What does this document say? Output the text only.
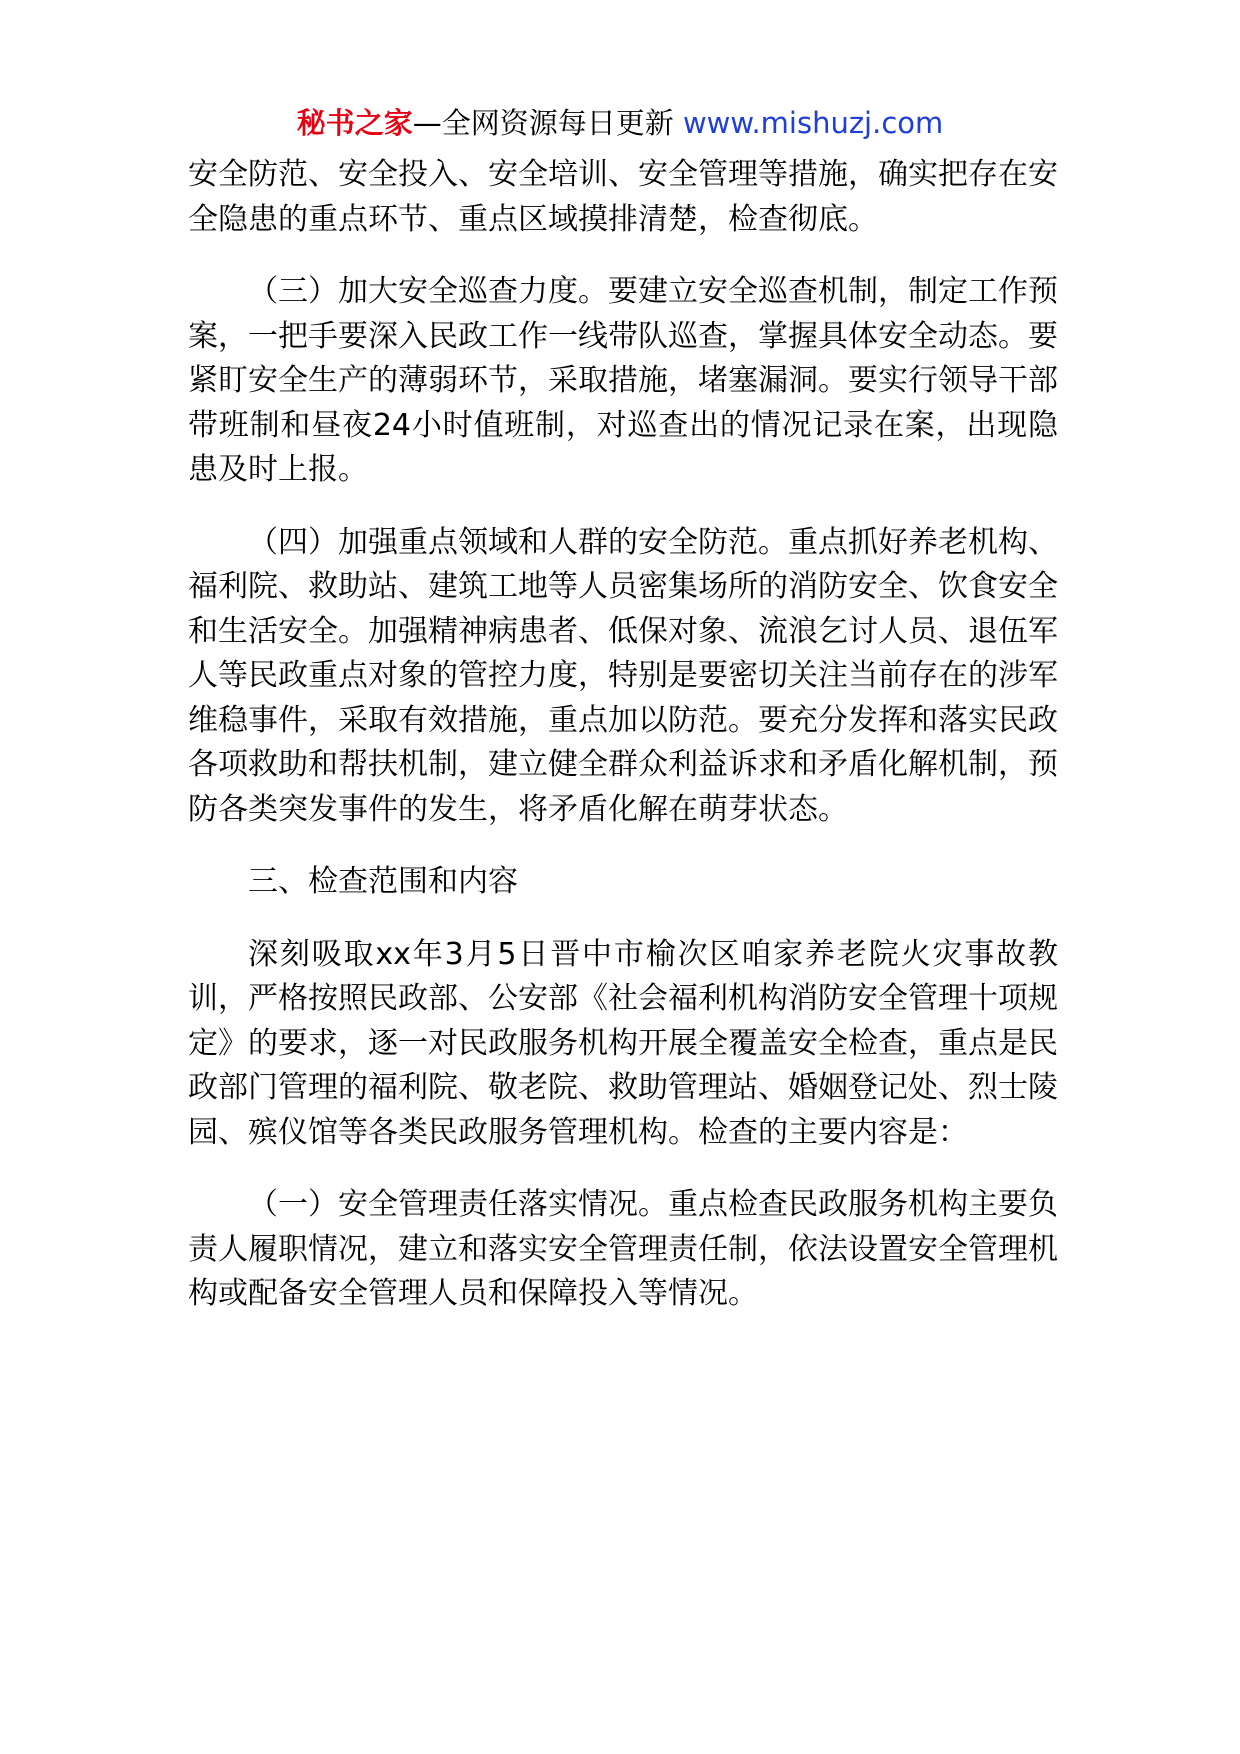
秘书之家—全网资源每日更新 www.mishuzj.com

安全防范、安全投入、安全培训、安全管理等措施，确实把存在安全隐患的重点环节、重点区域摸排清楚，检查彻底。

（三）加大安全巡查力度。要建立安全巡查机制，制定工作预案，一把手要深入民政工作一线带队巡查，掌握具体安全动态。要紧盯安全生产的薄弱环节，采取措施，堵塞漏洞。要实行领导干部带班制和昼夜24小时值班制，对巡查出的情况记录在案，出现隐患及时上报。

（四）加强重点领域和人群的安全防范。重点抓好养老机构、福利院、救助站、建筑工地等人员密集场所的消防安全、饮食安全和生活安全。加强精神病患者、低保对象、流浪乞讨人员、退伍军人等民政重点对象的管控力度，特别是要密切关注当前存在的涉军维稳事件，采取有效措施，重点加以防范。要充分发挥和落实民政各项救助和帮扶机制，建立健全群众利益诉求和矛盾化解机制，预防各类突发事件的发生，将矛盾化解在萌芽状态。

三、检查范围和内容

深刻吸取xx年3月5日晋中市榆次区咱家养老院火灾事故教训，严格按照民政部、公安部《社会福利机构消防安全管理十项规定》的要求，逐一对民政服务机构开展全覆盖安全检查，重点是民政部门管理的福利院、敬老院、救助管理站、婚姻登记处、烈士陵园、殡仪馆等各类民政服务管理机构。检查的主要内容是：

（一）安全管理责任落实情况。重点检查民政服务机构主要负责人履职情况，建立和落实安全管理责任制，依法设置安全管理机构或配备安全管理人员和保障投入等情况。
